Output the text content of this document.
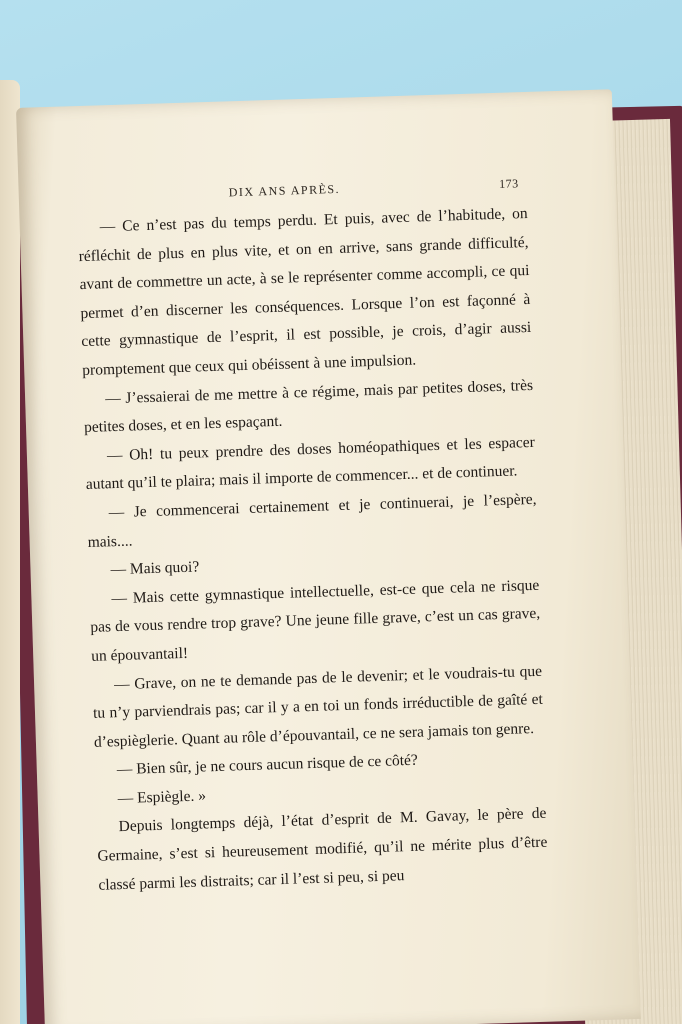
DIX ANS APRÈS.	173

— Ce n’est pas du temps perdu. Et puis, avec de l’habitude, on réfléchit de plus en plus vite, et on en arrive, sans grande difficulté, avant de commettre un acte, à se le représenter comme accompli, ce qui permet d’en discerner les conséquences. Lorsque l’on est façonné à cette gymnastique de l’esprit, il est possible, je crois, d’agir aussi promptement que ceux qui obéissent à une impulsion.

— J’essaierai de me mettre à ce régime, mais par petites doses, très petites doses, et en les espaçant.

— Oh! tu peux prendre des doses homéopathiques et les espacer autant qu’il te plaira; mais il importe de commencer... et de continuer.

— Je commencerai certainement et je continuerai, je l’espère, mais....

— Mais quoi?

— Mais cette gymnastique intellectuelle, est-ce que cela ne risque pas de vous rendre trop grave? Une jeune fille grave, c’est un cas grave, un épouvantail!

— Grave, on ne te demande pas de le devenir; et le voudrais-tu que tu n’y parviendrais pas; car il y a en toi un fonds irréductible de gaîté et d’espièglerie. Quant au rôle d’épouvantail, ce ne sera jamais ton genre.

— Bien sûr, je ne cours aucun risque de ce côté?

— Espiègle. »

Depuis longtemps déjà, l’état d’esprit de M. Gavay, le père de Germaine, s’est si heureusement modifié, qu’il ne mérite plus d’être classé parmi les distraits; car il l’est si peu, si peu
